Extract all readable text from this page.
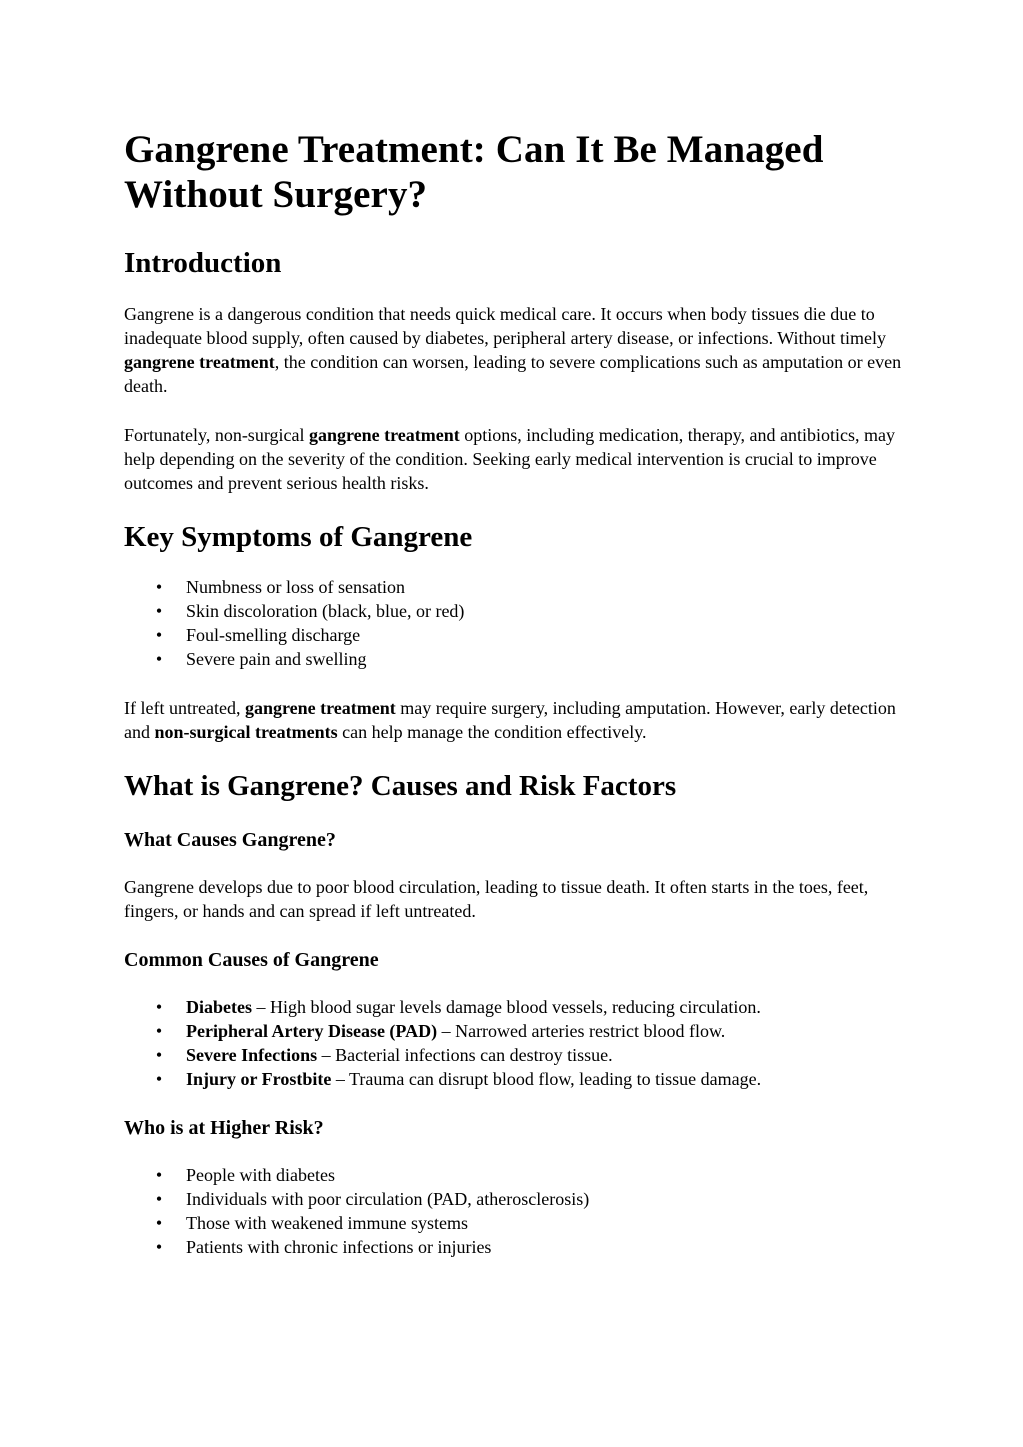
Gangrene Treatment: Can It Be Managed Without Surgery?
Introduction

Gangrene is a dangerous condition that needs quick medical care. It occurs when body tissues die due to inadequate blood supply, often caused by diabetes, peripheral artery disease, or infections. Without timely gangrene treatment, the condition can worsen, leading to severe complications such as amputation or even death.

Fortunately, non-surgical gangrene treatment options, including medication, therapy, and antibiotics, may help depending on the severity of the condition. Seeking early medical intervention is crucial to improve outcomes and prevent serious health risks.

Key Symptoms of Gangrene
• Numbness or loss of sensation
• Skin discoloration (black, blue, or red)
• Foul-smelling discharge
• Severe pain and swelling

If left untreated, gangrene treatment may require surgery, including amputation. However, early detection and non-surgical treatments can help manage the condition effectively.

What is Gangrene? Causes and Risk Factors
What Causes Gangrene?

Gangrene develops due to poor blood circulation, leading to tissue death. It often starts in the toes, feet, fingers, or hands and can spread if left untreated.

Common Causes of Gangrene
• Diabetes – High blood sugar levels damage blood vessels, reducing circulation.
• Peripheral Artery Disease (PAD) – Narrowed arteries restrict blood flow.
• Severe Infections – Bacterial infections can destroy tissue.
• Injury or Frostbite – Trauma can disrupt blood flow, leading to tissue damage.
Who is at Higher Risk?
• People with diabetes
• Individuals with poor circulation (PAD, atherosclerosis)
• Those with weakened immune systems
• Patients with chronic infections or injuries
